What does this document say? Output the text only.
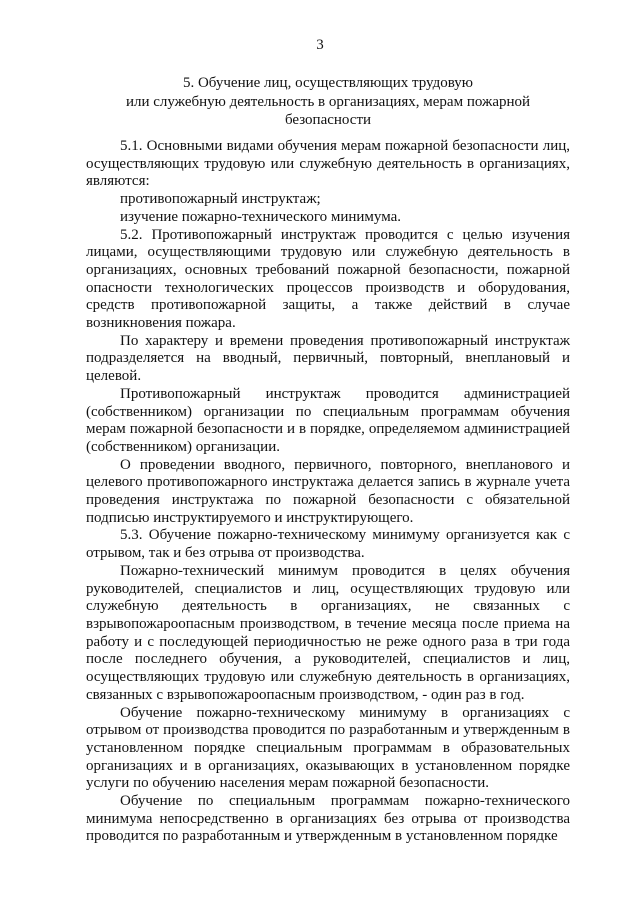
3
5. Обучение лиц, осуществляющих трудовую
или служебную деятельность в организациях, мерам пожарной
безопасности

5.1. Основными видами обучения мерам пожарной безопасности лиц, осуществляющих трудовую или служебную деятельность в организациях, являются:

противопожарный инструктаж;

изучение пожарно-технического минимума.

5.2. Противопожарный инструктаж проводится с целью изучения лицами, осуществляющими трудовую или служебную деятельность в организациях, основных требований пожарной безопасности, пожарной опасности технологических процессов производств и оборудования, средств противопожарной защиты, а также действий в случае возникновения пожара.

По характеру и времени проведения противопожарный инструктаж подразделяется на вводный, первичный, повторный, внеплановый и целевой.

Противопожарный инструктаж проводится администрацией (собственником) организации по специальным программам обучения мерам пожарной безопасности и в порядке, определяемом администрацией (собственником) организации.

О проведении вводного, первичного, повторного, внепланового и целевого противопожарного инструктажа делается запись в журнале учета проведения инструктажа по пожарной безопасности с обязательной подписью инструктируемого и инструктирующего.

5.3. Обучение пожарно-техническому минимуму организуется как с отрывом, так и без отрыва от производства.

Пожарно-технический минимум проводится в целях обучения руководителей, специалистов и лиц, осуществляющих трудовую или служебную деятельность в организациях, не связанных с взрывопожароопасным производством, в течение месяца после приема на работу и с последующей периодичностью не реже одного раза в три года после последнего обучения, а руководителей, специалистов и лиц, осуществляющих трудовую или служебную деятельность в организациях, связанных с взрывопожароопасным производством, - один раз в год.

Обучение пожарно-техническому минимуму в организациях с отрывом от производства проводится по разработанным и утвержденным в установленном порядке специальным программам в образовательных организациях и в организациях, оказывающих в установленном порядке услуги по обучению населения мерам пожарной безопасности.

Обучение по специальным программам пожарно-технического минимума непосредственно в организациях без отрыва от производства проводится по разработанным и утвержденным в установленном порядке
